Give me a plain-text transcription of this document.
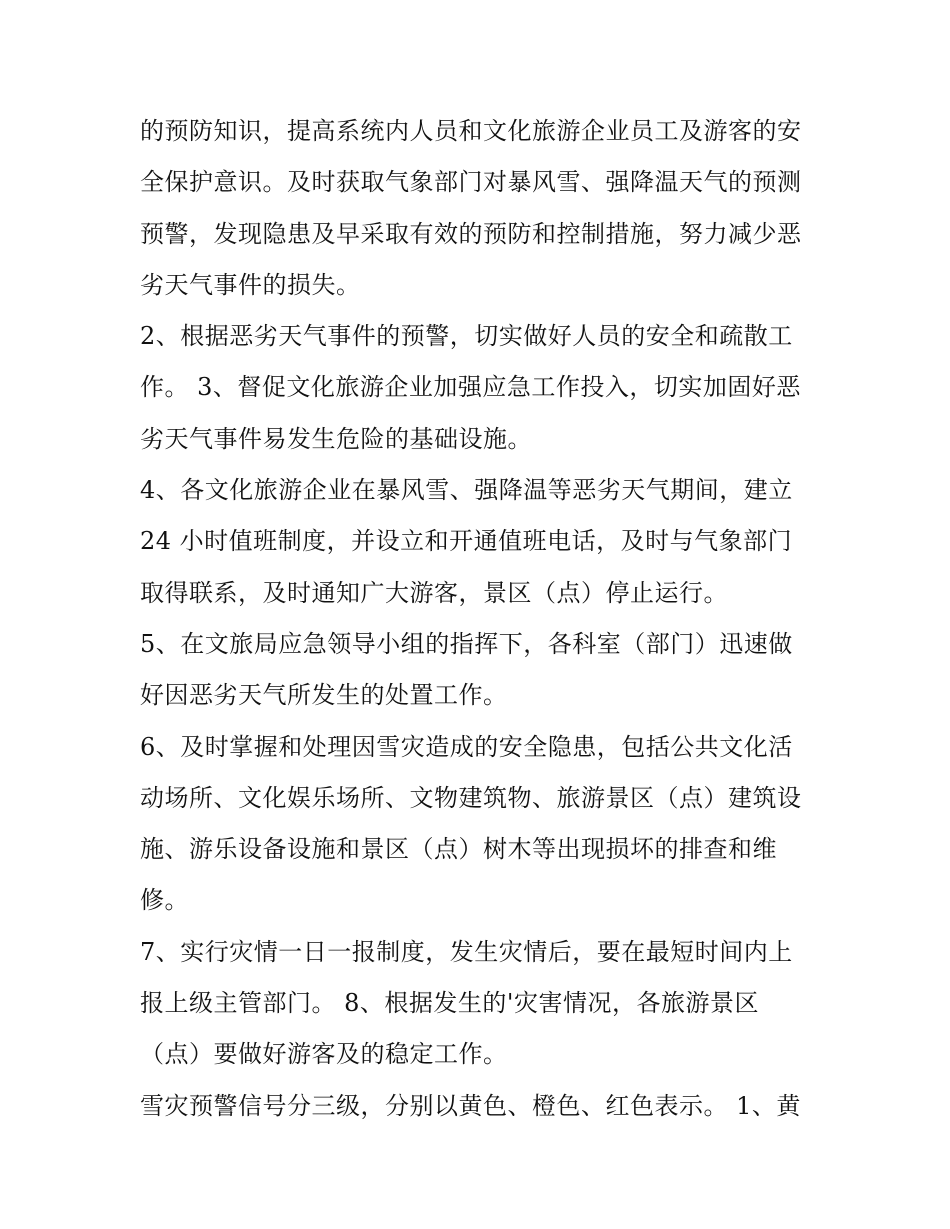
的预防知识，提高系统内人员和文化旅游企业员工及游客的安
全保护意识。及时获取气象部门对暴风雪、强降温天气的预测
预警，发现隐患及早采取有效的预防和控制措施，努力减少恶
劣天气事件的损失。
2、根据恶劣天气事件的预警，切实做好人员的安全和疏散工
作。 3、督促文化旅游企业加强应急工作投入，切实加固好恶
劣天气事件易发生危险的基础设施。
4、各文化旅游企业在暴风雪、强降温等恶劣天气期间，建立
24 小时值班制度，并设立和开通值班电话，及时与气象部门
取得联系，及时通知广大游客，景区（点）停止运行。
5、在文旅局应急领导小组的指挥下，各科室（部门）迅速做
好因恶劣天气所发生的处置工作。
6、及时掌握和处理因雪灾造成的安全隐患，包括公共文化活
动场所、文化娱乐场所、文物建筑物、旅游景区（点）建筑设
施、游乐设备设施和景区（点）树木等出现损坏的排查和维
修。
7、实行灾情一日一报制度，发生灾情后，要在最短时间内上
报上级主管部门。 8、根据发生的'灾害情况，各旅游景区
（点）要做好游客及的稳定工作。
雪灾预警信号分三级，分别以黄色、橙色、红色表示。 1、黄
